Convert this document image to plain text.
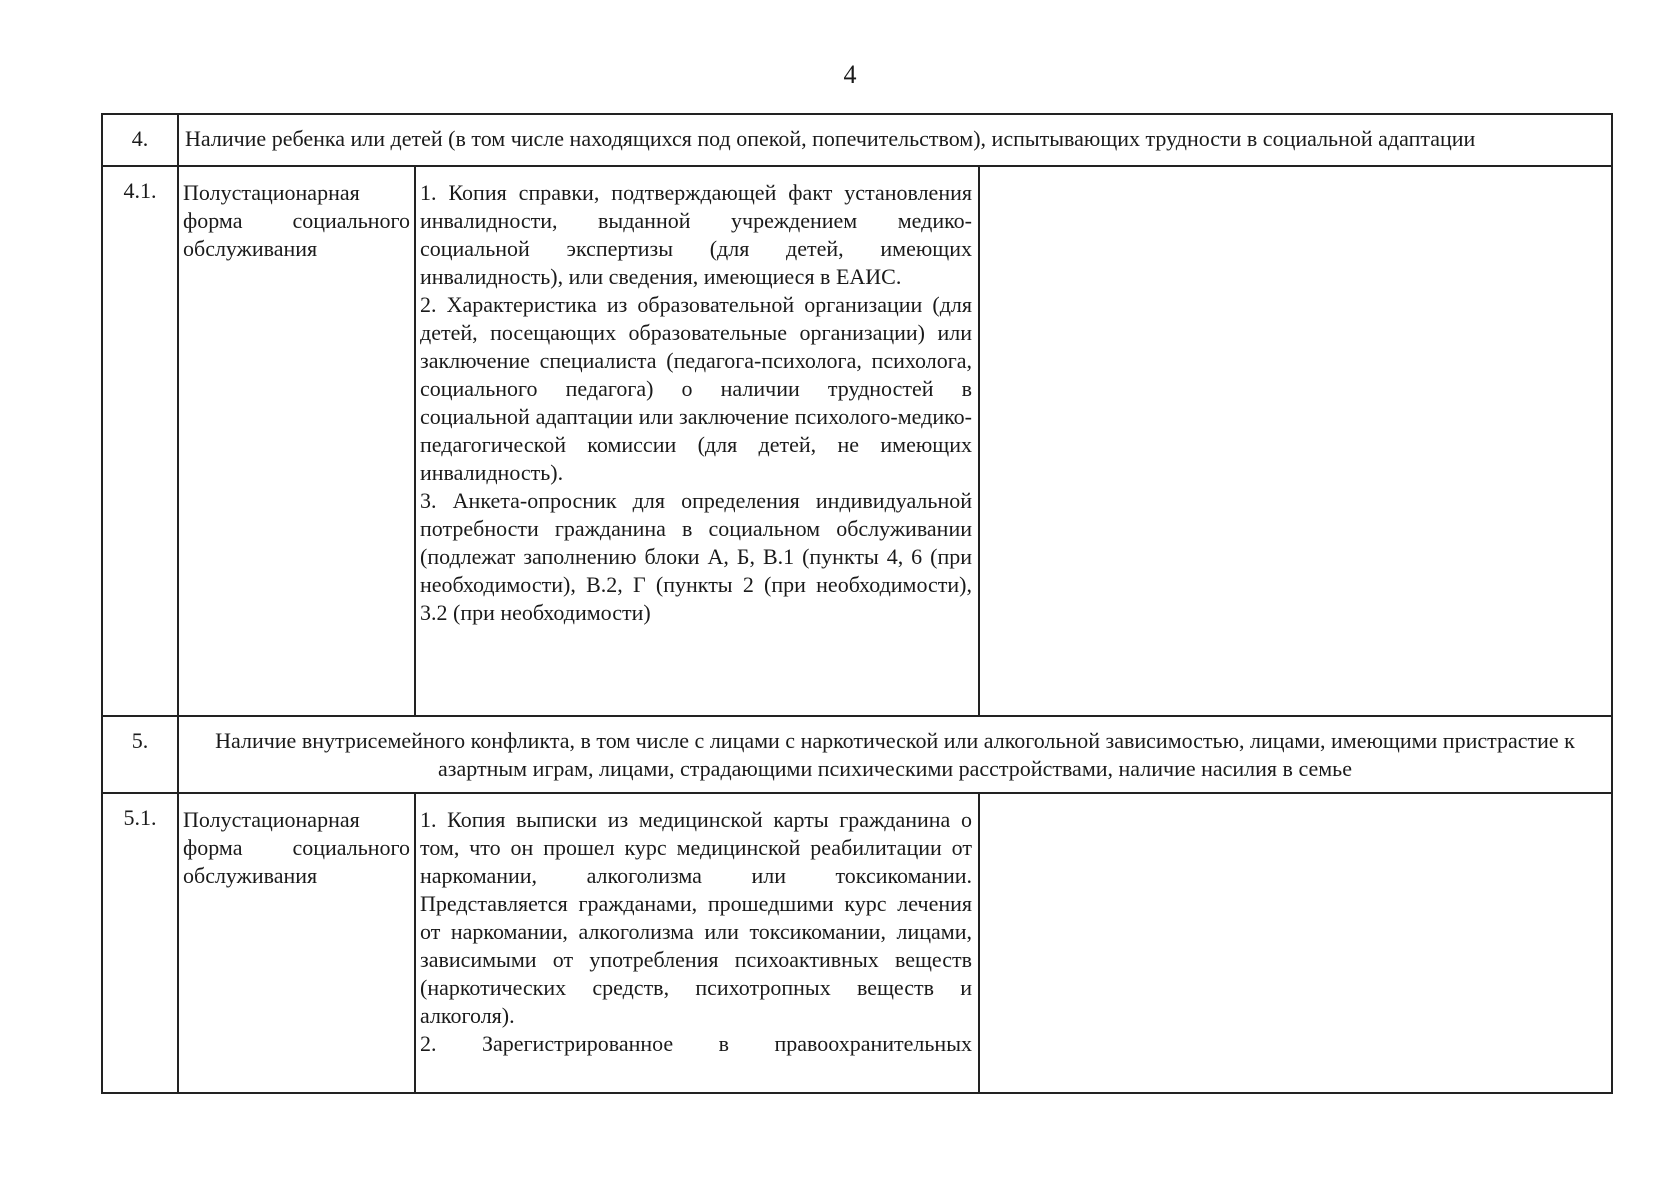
4
4.	Наличие ребенка или детей (в том числе находящихся под опекой, попечительством), испытывающих трудности в социальной адаптации		
4.1.	Полустационарная форма социального обслуживания	1. Копия справки, подтверждающей факт установления инвалидности, выданной учреждением медико-социальной экспертизы (для детей, имеющих инвалидность), или сведения, имеющиеся в ЕАИС.

2. Характеристика из образовательной организации (для детей, посещающих образовательные организации) или заключение специалиста (педагога-психолога, психолога, социального педагога) о наличии трудностей в социальной адаптации или заключение психолого-медико-педагогической комиссии (для детей, не имеющих инвалидность).

3. Анкета-опросник для определения индивидуальной потребности гражданина в социальном обслуживании (подлежат заполнению блоки А, Б, В.1 (пункты 4, 6 (при необходимости), В.2, Г (пункты 2 (при необходимости), 3.2 (при необходимости)	

5.	Наличие внутрисемейного конфликта, в том числе с лицами с наркотической или алкогольной зависимостью, лицами, имеющими пристрастие к азартным играм, лицами, страдающими психическими расстройствами, наличие насилия в семье		
5.1.	Полустационарная форма социального обслуживания	1. Копия выписки из медицинской карты гражданина о том, что он прошел курс медицинской реабилитации от наркомании, алкоголизма или токсикомании. Представляется гражданами, прошедшими курс лечения от наркомании, алкоголизма или токсикомании, лицами, зависимыми от употребления психоактивных веществ (наркотических средств, психотропных веществ и алкоголя).

2. Зарегистрированное в правоохранительных	
